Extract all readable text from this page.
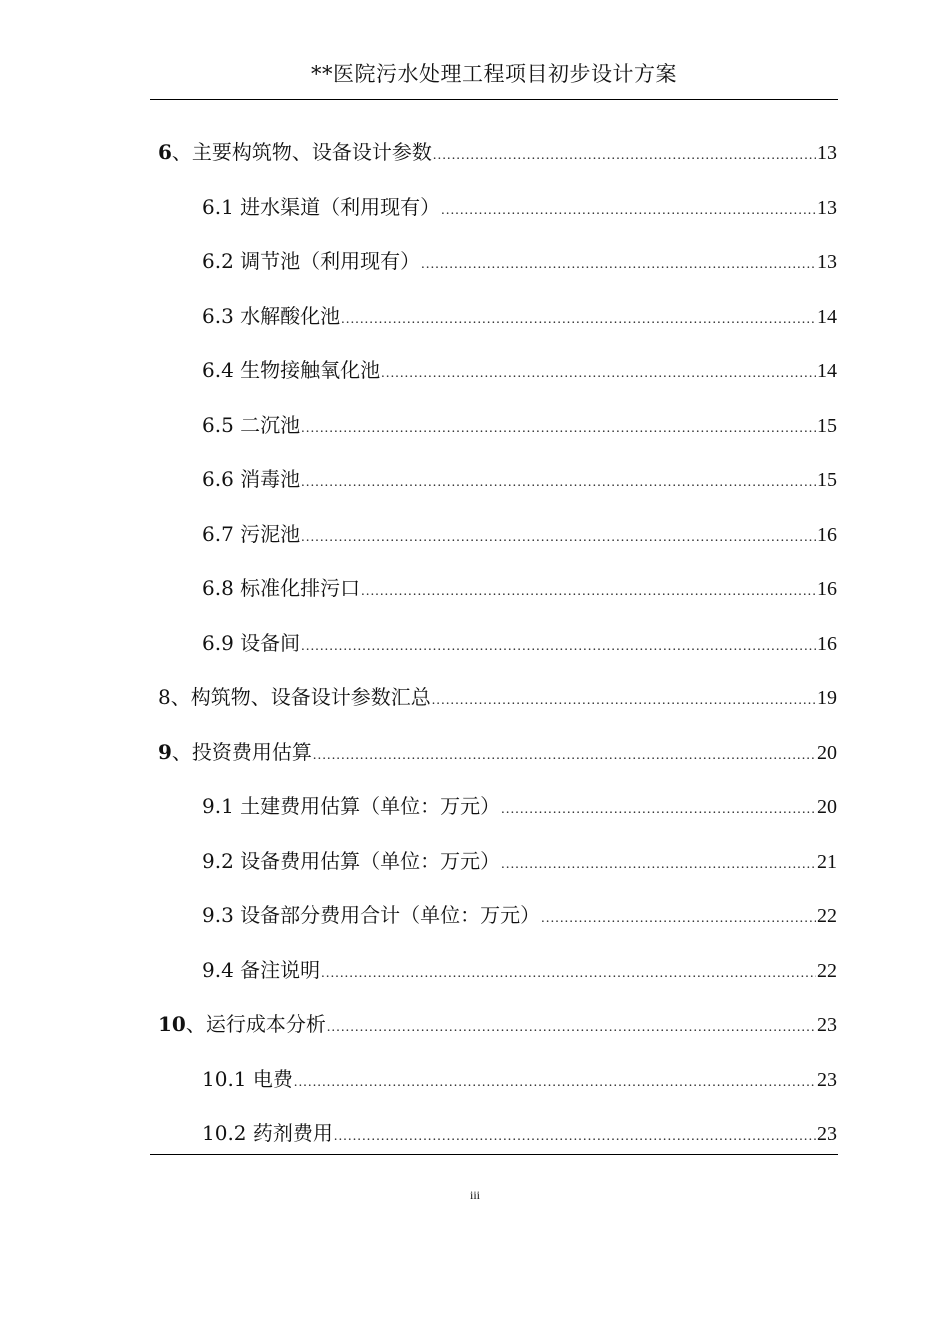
**医院污水处理工程项目初步设计方案
6、主要构筑物、设备设计参数 .....	13
6.1 进水渠道（利用现有） .....	13
6.2 调节池（利用现有） .....	13
6.3 水解酸化池 .....	14
6.4 生物接触氧化池 .....	14
6.5 二沉池 .....	15
6.6 消毒池 .....	15
6.7 污泥池 .....	16
6.8 标准化排污口 .....	16
6.9 设备间 .....	16
8、构筑物、设备设计参数汇总 .....	19
9、投资费用估算 .....	20
9.1 土建费用估算（单位：万元） .....	20
9.2 设备费用估算（单位：万元） .....	21
9.3 设备部分费用合计（单位：万元） .....	22
9.4 备注说明 .....	22
10、运行成本分析 .....	23
10.1 电费 .....	23
10.2 药剂费用 .....	23
iii
